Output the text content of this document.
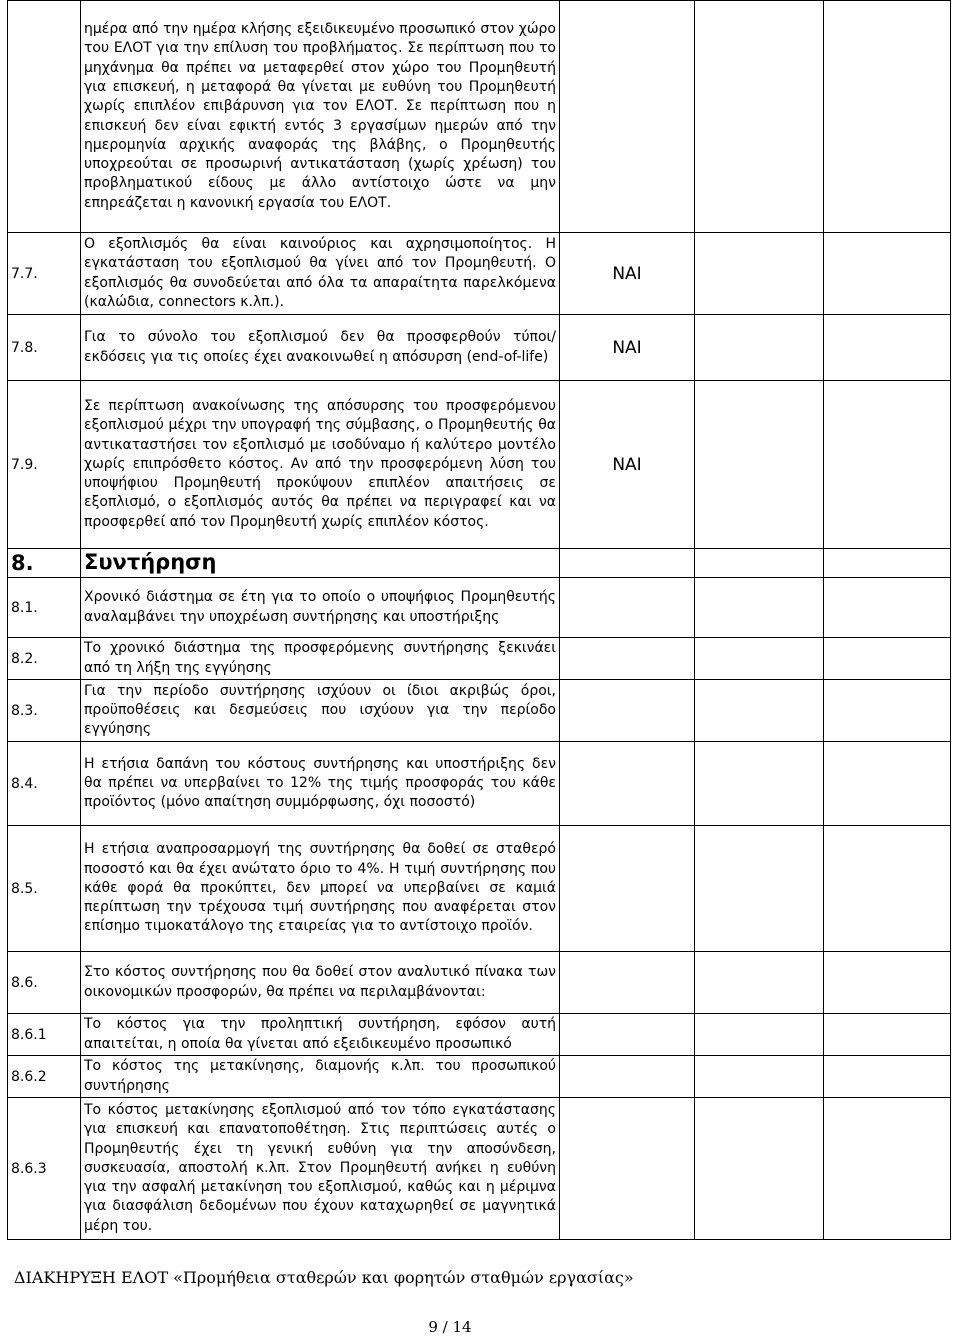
	ημέρα από την ημέρα κλήσης εξειδικευμένο προσωπικό στον χώρο του ΕΛΟΤ για την επίλυση του προβλήματος. Σε περίπτωση που το μηχάνημα θα πρέπει να μεταφερθεί στον χώρο του Προμηθευτή για επισκευή, η μεταφορά θα γίνεται με ευθύνη του Προμηθευτή χωρίς επιπλέον επιβάρυνση για τον ΕΛΟΤ. Σε περίπτωση που η επισκευή δεν είναι εφικτή εντός 3 εργασίμων ημερών από την ημερομηνία αρχικής αναφοράς της βλάβης, ο Προμηθευτής υποχρεούται σε προσωρινή αντικατάσταση (χωρίς χρέωση) του προβληματικού είδους με άλλο αντίστοιχο ώστε να μην επηρεάζεται η κανονική εργασία του ΕΛΟΤ.			
7.7.	Ο εξοπλισμός θα είναι καινούριος και αχρησιμοποίητος. Η εγκατάσταση του εξοπλισμού θα γίνει από τον Προμηθευτή. Ο εξοπλισμός θα συνοδεύεται από όλα τα απαραίτητα παρελκόμενα (καλώδια, connectors κ.λπ.).	ΝΑΙ		
7.8.	Για το σύνολο του εξοπλισμού δεν θα προσφερθούν τύποι/ εκδόσεις για τις οποίες έχει ανακοινωθεί η απόσυρση (end-of-life)	ΝΑΙ		
7.9.	Σε περίπτωση ανακοίνωσης της απόσυρσης του προσφερόμενου εξοπλισμού μέχρι την υπογραφή της σύμβασης, ο Προμηθευτής θα αντικαταστήσει τον εξοπλισμό με ισοδύναμο ή καλύτερο μοντέλο χωρίς επιπρόσθετο κόστος. Αν από την προσφερόμενη λύση του υποψήφιου Προμηθευτή προκύψουν επιπλέον απαιτήσεις σε εξοπλισμό, ο εξοπλισμός αυτός θα πρέπει να περιγραφεί και να προσφερθεί από τον Προμηθευτή χωρίς επιπλέον κόστος.	ΝΑΙ		
8.	Συντήρηση			
8.1.	Χρονικό διάστημα σε έτη για το οποίο ο υποψήφιος Προμηθευτής αναλαμβάνει την υποχρέωση συντήρησης και υποστήριξης			
8.2.	Το χρονικό διάστημα της προσφερόμενης συντήρησης ξεκινάει από τη λήξη της εγγύησης			
8.3.	Για την περίοδο συντήρησης ισχύουν οι ίδιοι ακριβώς όροι, προϋποθέσεις και δεσμεύσεις που ισχύουν για την περίοδο εγγύησης			
8.4.	Η ετήσια δαπάνη του κόστους συντήρησης και υποστήριξης δεν θα πρέπει να υπερβαίνει το 12% της τιμής προσφοράς του κάθε προϊόντος (μόνο απαίτηση συμμόρφωσης, όχι ποσοστό)			
8.5.	Η ετήσια αναπροσαρμογή της συντήρησης θα δοθεί σε σταθερό ποσοστό και θα έχει ανώτατο όριο το 4%. Η τιμή συντήρησης που κάθε φορά θα προκύπτει, δεν μπορεί να υπερβαίνει σε καμιά περίπτωση την τρέχουσα τιμή συντήρησης που αναφέρεται στον επίσημο τιμοκατάλογο της εταιρείας για το αντίστοιχο προϊόν.			
8.6.	Στο κόστος συντήρησης που θα δοθεί στον αναλυτικό πίνακα των οικονομικών προσφορών, θα πρέπει να περιλαμβάνονται:			
8.6.1	Το κόστος για την προληπτική συντήρηση, εφόσον αυτή απαιτείται, η οποία θα γίνεται από εξειδικευμένο προσωπικό			
8.6.2	Το κόστος της μετακίνησης, διαμονής κ.λπ. του προσωπικού συντήρησης			
8.6.3	Το κόστος μετακίνησης εξοπλισμού από τον τόπο εγκατάστασης για επισκευή και επανατοποθέτηση. Στις περιπτώσεις αυτές ο Προμηθευτής έχει τη γενική ευθύνη για την αποσύνδεση, συσκευασία, αποστολή κ.λπ. Στον Προμηθευτή ανήκει η ευθύνη για την ασφαλή μετακίνηση του εξοπλισμού, καθώς και η μέριμνα για διασφάλιση δεδομένων που έχουν καταχωρηθεί σε μαγνητικά μέρη του.			
ΔΙΑΚΗΡΥΞΗ ΕΛΟΤ «Προμήθεια σταθερών και φορητών σταθμών εργασίας»
9 / 14
